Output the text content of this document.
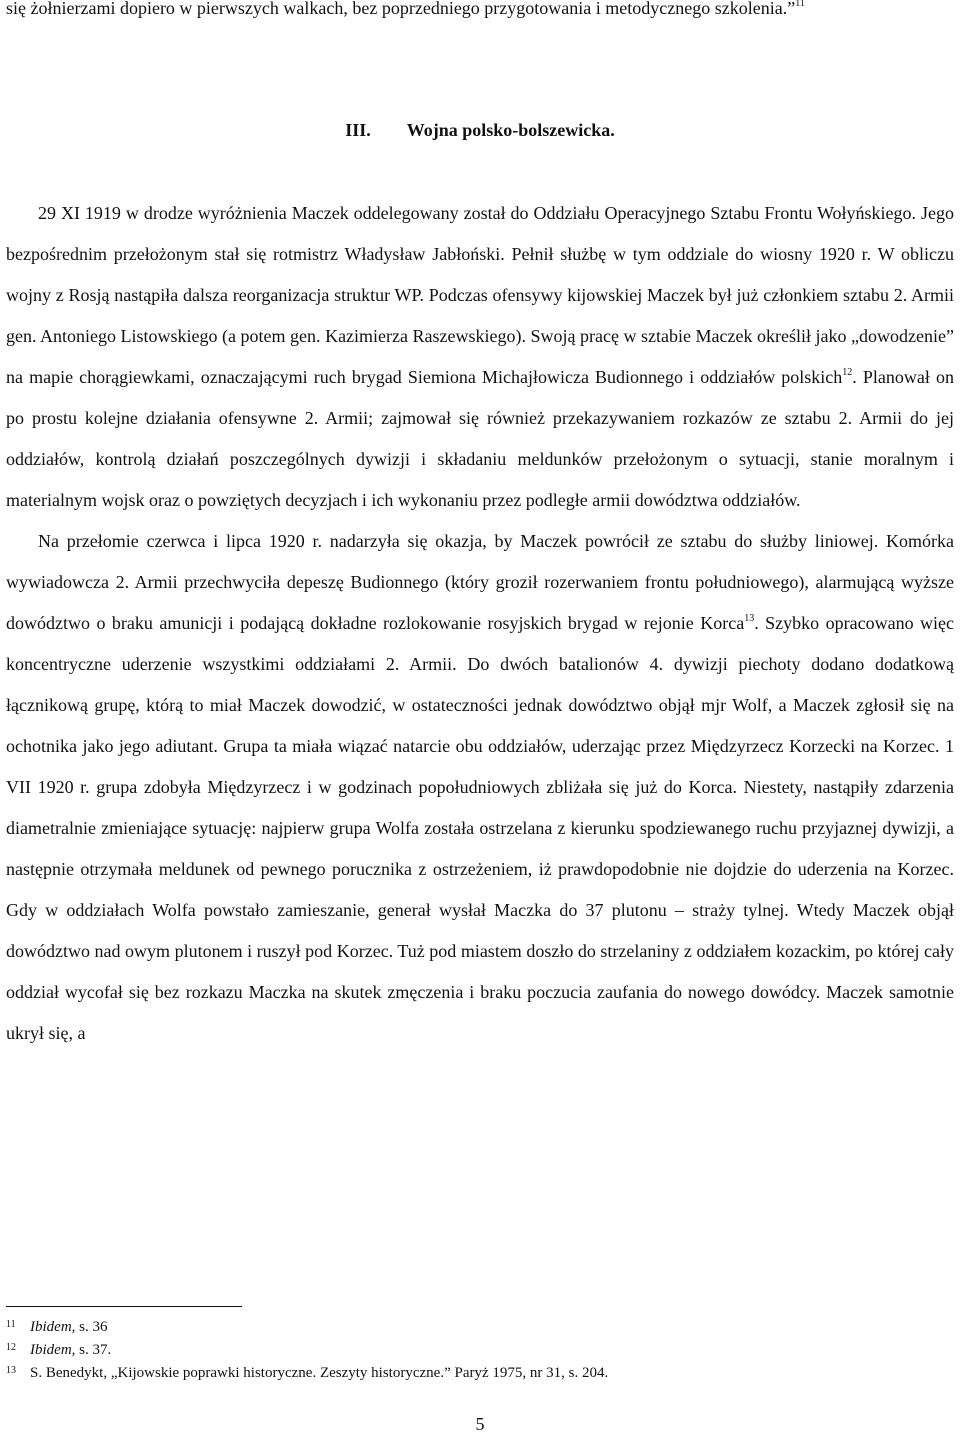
się żołnierzami dopiero w pierwszych walkach, bez poprzedniego przygotowania i metodycznego szkolenia.”$^{11}$

III. Wojna polsko-bolszewicka.

29 XI 1919 w drodze wyróżnienia Maczek oddelegowany został do Oddziału Operacyjnego Sztabu Frontu Wołyńskiego. Jego bezpośrednim przełożonym stał się rotmistrz Władysław Jabłoński. Pełnił służbę w tym oddziale do wiosny 1920 r. W obliczu wojny z Rosją nastąpiła dalsza reorganizacja struktur WP. Podczas ofensywy kijowskiej Maczek był już członkiem sztabu 2. Armii gen. Antoniego Listowskiego (a potem gen. Kazimierza Raszewskiego). Swoją pracę w sztabie Maczek określił jako „dowodzenie” na mapie chorągiewkami, oznaczającymi ruch brygad Siemiona Michajłowicza Budionnego i oddziałów polskich$^{12}$. Planował on po prostu kolejne działania ofensywne 2. Armii; zajmował się również przekazywaniem rozkazów ze sztabu 2. Armii do jej oddziałów, kontrolą działań poszczególnych dywizji i składaniu meldunków przełożonym o sytuacji, stanie moralnym i materialnym wojsk oraz o powziętych decyzjach i ich wykonaniu przez podległe armii dowództwa oddziałów.

Na przełomie czerwca i lipca 1920 r. nadarzyła się okazja, by Maczek powrócił ze sztabu do służby liniowej. Komórka wywiadowcza 2. Armii przechwyciła depeszę Budionnego (który groził rozerwaniem frontu południowego), alarmującą wyższe dowództwo o braku amunicji i podającą dokładne rozlokowanie rosyjskich brygad w rejonie Korca$^{13}$. Szybko opracowano więc koncentryczne uderzenie wszystkimi oddziałami 2. Armii. Do dwóch batalionów 4. dywizji piechoty dodano dodatkową łącznikową grupę, którą to miał Maczek dowodzić, w ostateczności jednak dowództwo objął mjr Wolf, a Maczek zgłosił się na ochotnika jako jego adiutant. Grupa ta miała wiązać natarcie obu oddziałów, uderzając przez Międzyrzecz Korzecki na Korzec. 1 VII 1920 r. grupa zdobyła Międzyrzecz i w godzinach popołudniowych zbliżała się już do Korca. Niestety, nastąpiły zdarzenia diametralnie zmieniające sytuację: najpierw grupa Wolfa została ostrzelana z kierunku spodziewanego ruchu przyjaznej dywizji, a następnie otrzymała meldunek od pewnego porucznika z ostrzeżeniem, iż prawdopodobnie nie dojdzie do uderzenia na Korzec. Gdy w oddziałach Wolfa powstało zamieszanie, generał wysłał Maczka do 37 plutonu – straży tylnej. Wtedy Maczek objął dowództwo nad owym plutonem i ruszył pod Korzec. Tuż pod miastem doszło do strzelaniny z oddziałem kozackim, po której cały oddział wycofał się bez rozkazu Maczka na skutek zmęczenia i braku poczucia zaufania do nowego dowódcy. Maczek samotnie ukrył się, a

11 Ibidem, s. 36
12 Ibidem, s. 37.
13 S. Benedykt, „Kijowskie poprawki historyczne. Zeszyty historyczne.” Paryż 1975, nr 31, s. 204.
5
